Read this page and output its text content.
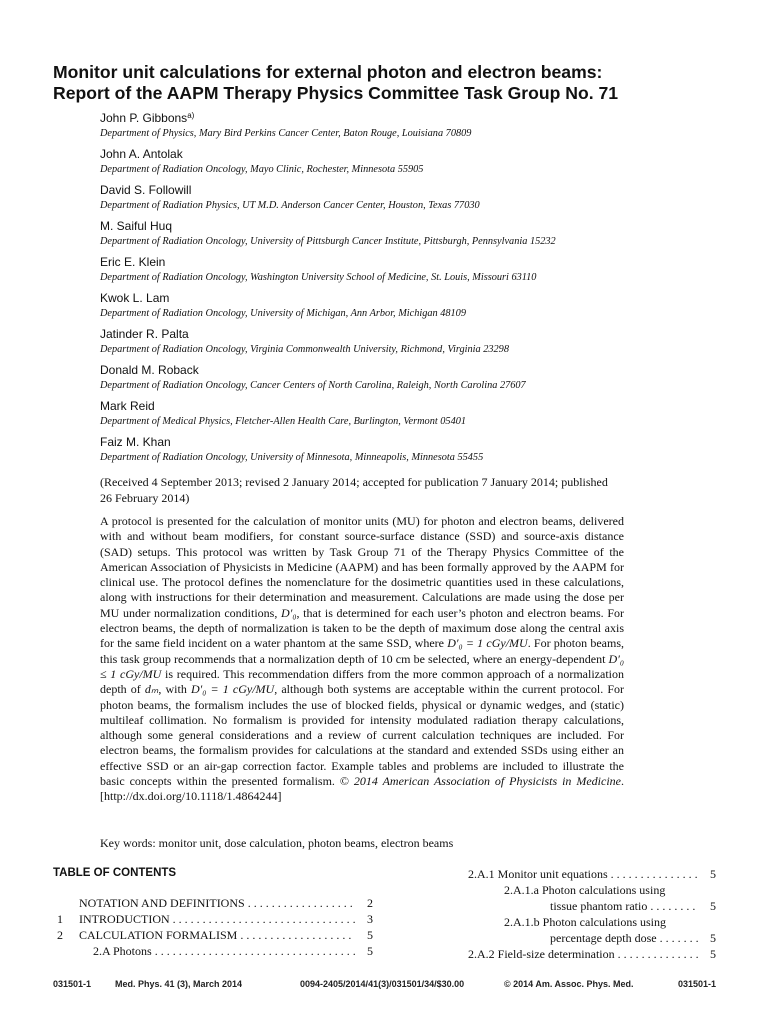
Monitor unit calculations for external photon and electron beams:
Report of the AAPM Therapy Physics Committee Task Group No. 71
John P. Gibbons$^{a)}$
Department of Physics, Mary Bird Perkins Cancer Center, Baton Rouge, Louisiana 70809
John A. Antolak
Department of Radiation Oncology, Mayo Clinic, Rochester, Minnesota 55905
David S. Followill
Department of Radiation Physics, UT M.D. Anderson Cancer Center, Houston, Texas 77030
M. Saiful Huq
Department of Radiation Oncology, University of Pittsburgh Cancer Institute, Pittsburgh, Pennsylvania 15232
Eric E. Klein
Department of Radiation Oncology, Washington University School of Medicine, St. Louis, Missouri 63110
Kwok L. Lam
Department of Radiation Oncology, University of Michigan, Ann Arbor, Michigan 48109
Jatinder R. Palta
Department of Radiation Oncology, Virginia Commonwealth University, Richmond, Virginia 23298
Donald M. Roback
Department of Radiation Oncology, Cancer Centers of North Carolina, Raleigh, North Carolina 27607
Mark Reid
Department of Medical Physics, Fletcher-Allen Health Care, Burlington, Vermont 05401
Faiz M. Khan
Department of Radiation Oncology, University of Minnesota, Minneapolis, Minnesota 55455
(Received 4 September 2013; revised 2 January 2014; accepted for publication 7 January 2014; published 26 February 2014)
A protocol is presented for the calculation of monitor units (MU) for photon and electron beams, delivered with and without beam modifiers, for constant source-surface distance (SSD) and source-axis distance (SAD) setups. This protocol was written by Task Group 71 of the Therapy Physics Committee of the American Association of Physicists in Medicine (AAPM) and has been formally approved by the AAPM for clinical use. The protocol defines the nomenclature for the dosimetric quantities used in these calculations, along with instructions for their determination and measurement. Calculations are made using the dose per MU under normalization conditions, D′₀, that is determined for each user’s photon and electron beams. For electron beams, the depth of normalization is taken to be the depth of maximum dose along the central axis for the same field incident on a water phantom at the same SSD, where D′₀ = 1 cGy/MU. For photon beams, this task group recommends that a normalization depth of 10 cm be selected, where an energy-dependent D′₀ ≤ 1 cGy/MU is required. This recommendation differs from the more common approach of a normalization depth of dₘ, with D′₀ = 1 cGy/MU, although both systems are acceptable within the current protocol. For photon beams, the formalism includes the use of blocked fields, physical or dynamic wedges, and (static) multileaf collimation. No formalism is provided for intensity modulated radiation therapy calculations, although some general considerations and a review of current calculation techniques are included. For electron beams, the formalism provides for calculations at the standard and extended SSDs using either an effective SSD or an air-gap correction factor. Example tables and problems are included to illustrate the basic concepts within the presented formalism. © 2014 American Association of Physicists in Medicine. [http://dx.doi.org/10.1118/1.4864244]
Key words: monitor unit, dose calculation, photon beams, electron beams
TABLE OF CONTENTS
NOTATION AND DEFINITIONS . . .	2
1	INTRODUCTION . . .	3
2	CALCULATION FORMALISM . . .	5
2.A Photons . . .	5
2.A.1 Monitor unit equations . . .	5
2.A.1.a Photon calculations using
tissue phantom ratio . . .	5
2.A.1.b Photon calculations using
percentage depth dose . . .	5
2.A.2 Field-size determination . . .	5
031501-1	Med. Phys. 41 (3), March 2014	0094-2405/2014/41(3)/031501/34/$30.00	© 2014 Am. Assoc. Phys. Med.	031501-1
